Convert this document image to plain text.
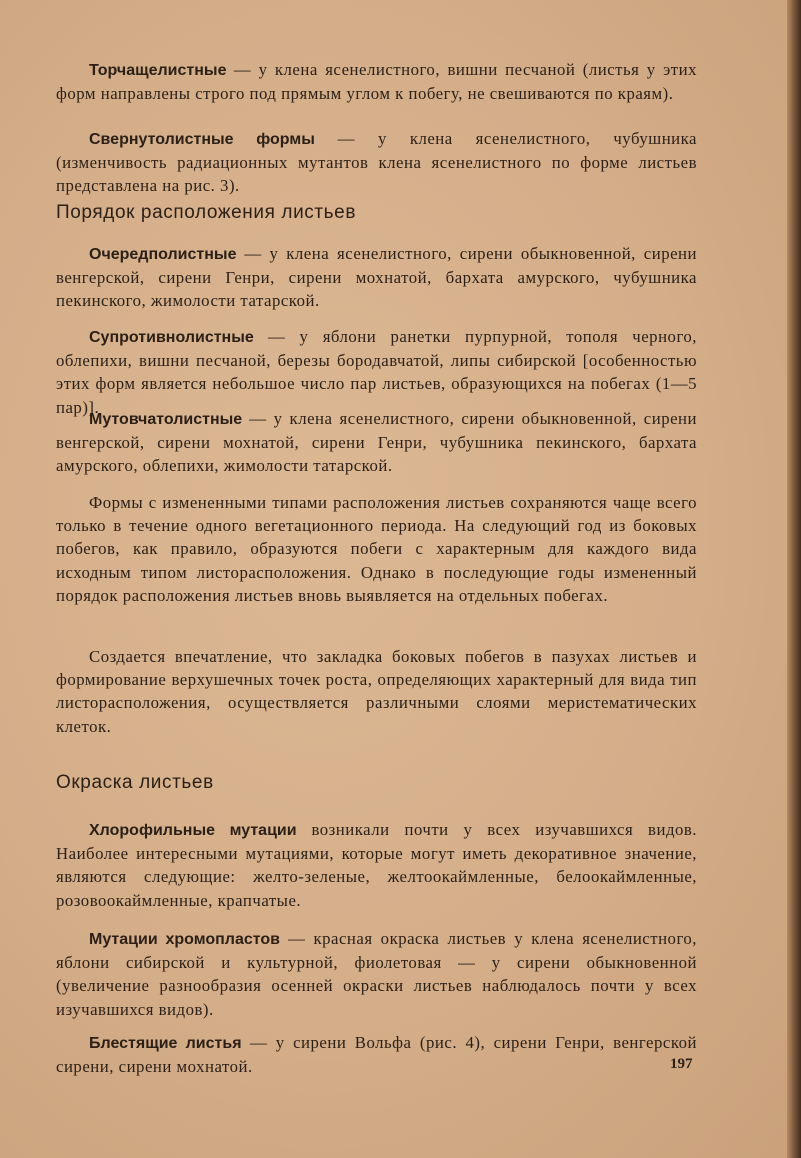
Торчащелистные — у клена ясенелистного, вишни песчаной (листья у этих форм направлены строго под прямым углом к побегу, не свешиваются по краям).

Свернутолистные формы — у клена ясенелистного, чубушника (изменчивость радиационных мутантов клена ясенелистного по форме листьев представлена на рис. 3).

Порядок расположения листьев

Очередполистные — у клена ясенелистного, сирени обыкновенной, сирени венгерской, сирени Генри, сирени мохнатой, бархата амурского, чубушника пекинского, жимолости татарской.

Супротивнолистные — у яблони ранетки пурпурной, тополя черного, облепихи, вишни песчаной, березы бородавчатой, липы сибирской [особенностью этих форм является небольшое число пар листьев, образующихся на побегах (1—5 пар)].

Мутовчатолистные — у клена ясенелистного, сирени обыкновенной, сирени венгерской, сирени мохнатой, сирени Генри, чубушника пекинского, бархата амурского, облепихи, жимолости татарской.

Формы с измененными типами расположения листьев сохраняются чаще всего только в течение одного вегетационного периода. На следующий год из боковых побегов, как правило, образуются побеги с характерным для каждого вида исходным типом листорасположения. Однако в последующие годы измененный порядок расположения листьев вновь выявляется на отдельных побегах.

Создается впечатление, что закладка боковых побегов в пазухах листьев и формирование верхушечных точек роста, определяющих характерный для вида тип листорасположения, осуществляется различными слоями меристематических клеток.

Окраска листьев

Хлорофильные мутации возникали почти у всех изучавшихся видов. Наиболее интересными мутациями, которые могут иметь декоративное значение, являются следующие: желто-зеленые, желтоокаймленные, белоокаймленные, розовоокаймленные, крапчатые.

Мутации хромопластов — красная окраска листьев у клена ясенелистного, яблони сибирской и культурной, фиолетовая — у сирени обыкновенной (увеличение разнообразия осенней окраски листьев наблюдалось почти у всех изучавшихся видов).

Блестящие листья — у сирени Вольфа (рис. 4), сирени Генри, венгерской сирени, сирени мохнатой.	197
